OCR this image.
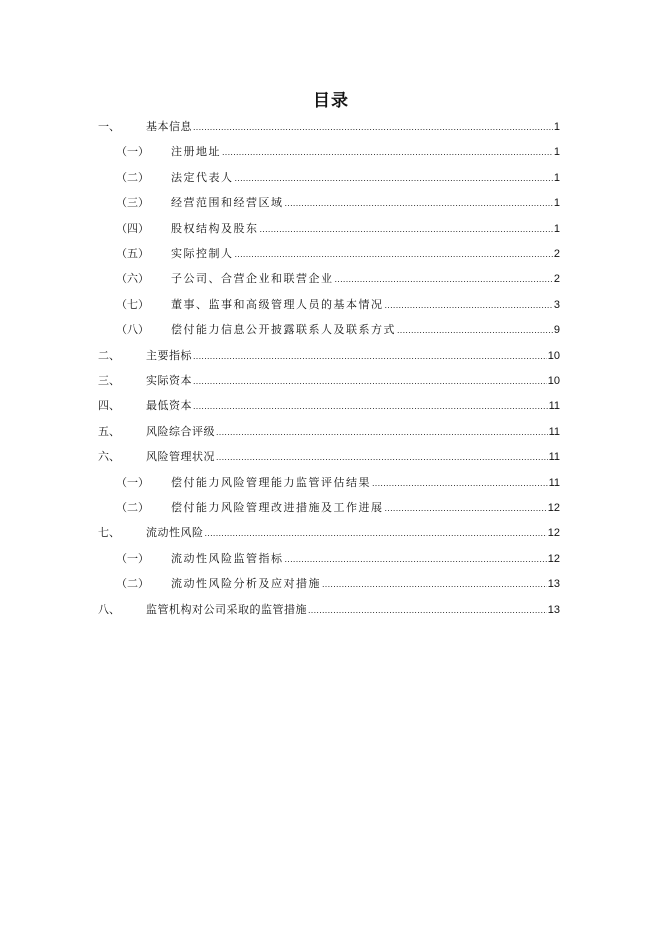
目录
一、	基本信息 .....	1
（一）	注册地址 .....	1
（二）	法定代表人 .....	1
（三）	经营范围和经营区域 .....	1
（四）	股权结构及股东 .....	1
（五）	实际控制人 .....	2
（六）	子公司、合营企业和联营企业 .....	2
（七）	董事、监事和高级管理人员的基本情况 .....	3
（八）	偿付能力信息公开披露联系人及联系方式 .....	9
二、	主要指标 .....	10
三、	实际资本 .....	10
四、	最低资本 .....	11
五、	风险综合评级 .....	11
六、	风险管理状况 .....	11
（一）	偿付能力风险管理能力监管评估结果 .....	11
（二）	偿付能力风险管理改进措施及工作进展 .....	12
七、	流动性风险 .....	12
（一）	流动性风险监管指标 .....	12
（二）	流动性风险分析及应对措施 .....	13
八、	监管机构对公司采取的监管措施 .....	13
